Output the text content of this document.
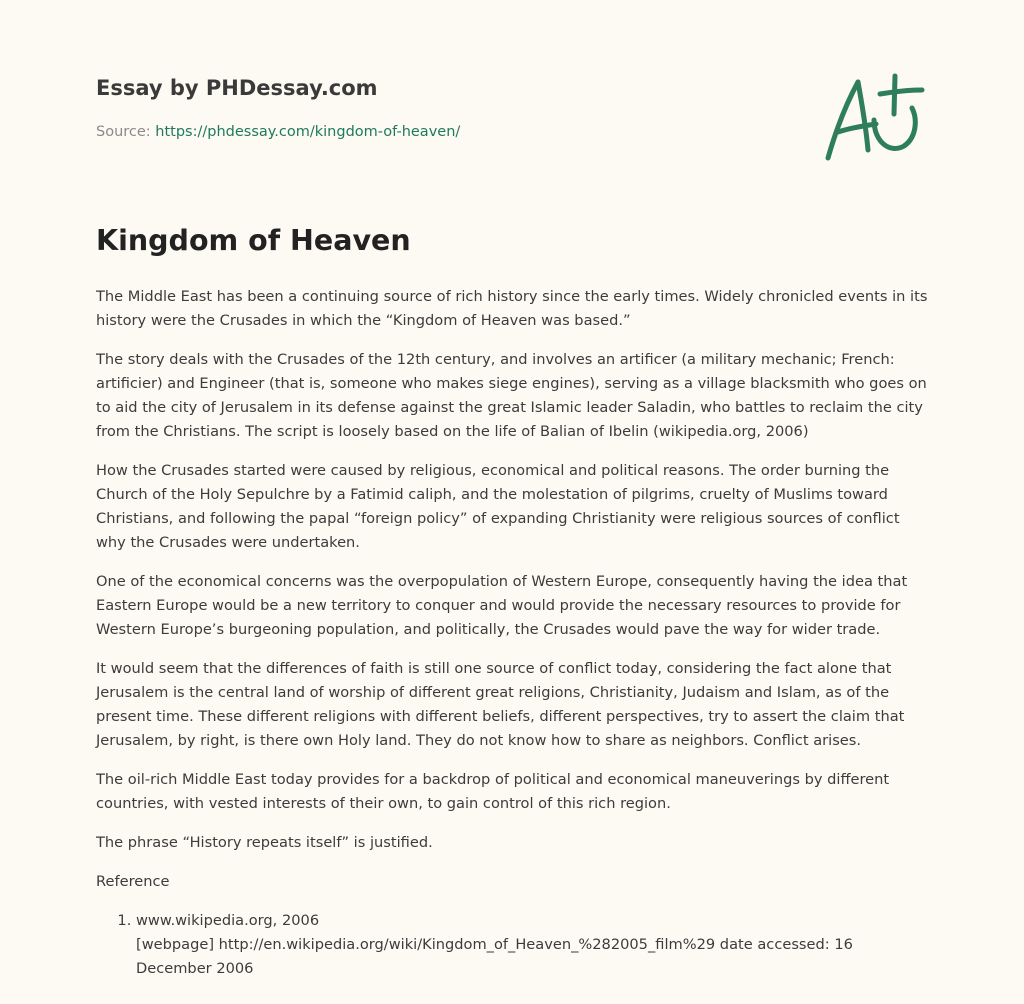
Essay by PHDessay.com
Source: https://phdessay.com/kingdom-of-heaven/
Kingdom of Heaven

The Middle East has been a continuing source of rich history since the early times. Widely chronicled events in its history were the Crusades in which the “Kingdom of Heaven was based.”

The story deals with the Crusades of the 12th century, and involves an artificer (a military mechanic; French: artificier) and Engineer (that is, someone who makes siege engines), serving as a village blacksmith who goes on to aid the city of Jerusalem in its defense against the great Islamic leader Saladin, who battles to reclaim the city from the Christians. The script is loosely based on the life of Balian of Ibelin (wikipedia.org, 2006)

How the Crusades started were caused by religious, economical and political reasons. The order burning the Church of the Holy Sepulchre by a Fatimid caliph, and the molestation of pilgrims, cruelty of Muslims toward Christians, and following the papal “foreign policy” of expanding Christianity were religious sources of conflict why the Crusades were undertaken.

One of the economical concerns was the overpopulation of Western Europe, consequently having the idea that Eastern Europe would be a new territory to conquer and would provide the necessary resources to provide for Western Europe’s burgeoning population, and politically, the Crusades would pave the way for wider trade.

It would seem that the differences of faith is still one source of conflict today, considering the fact alone that Jerusalem is the central land of worship of different great religions, Christianity, Judaism and Islam, as of the present time. These different religions with different beliefs, different perspectives, try to assert the claim that Jerusalem, by right, is there own Holy land. They do not know how to share as neighbors. Conflict arises.

The oil-rich Middle East today provides for a backdrop of political and economical maneuverings by different countries, with vested interests of their own, to gain control of this rich region.

The phrase “History repeats itself” is justified.

Reference

1. www.wikipedia.org, 2006
[webpage] http://en.wikipedia.org/wiki/Kingdom_of_Heaven_%282005_film%29 date accessed: 16 December 2006
